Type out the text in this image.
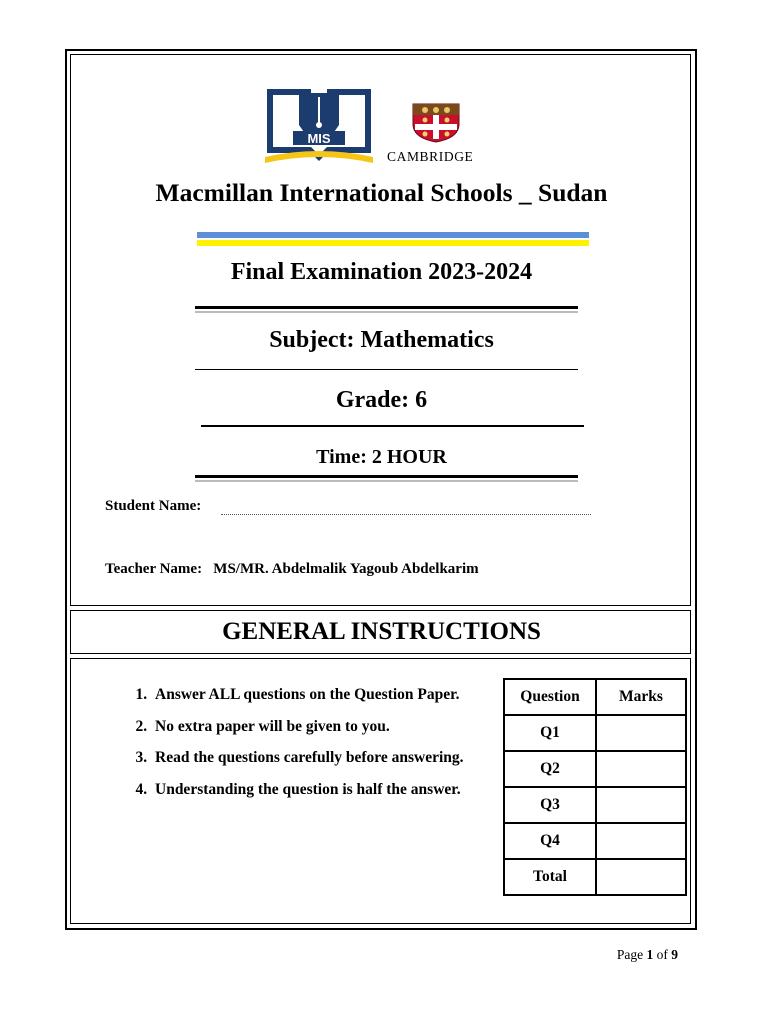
MIS
CAMBRIDGE
Macmillan International Schools _ Sudan
Final Examination 2023-2024
Subject: Mathematics
Grade: 6
Time: 2 HOUR
Student Name:
Teacher Name:   MS/MR. Abdelmalik Yagoub Abdelkarim
GENERAL INSTRUCTIONS
1. Answer ALL questions on the Question Paper.
2. No extra paper will be given to you.
3. Read the questions carefully before answering.
4. Understanding the question is half the answer.
Question	Marks
Q1	
Q2	
Q3	
Q4	
Total	
Page 1 of 9
